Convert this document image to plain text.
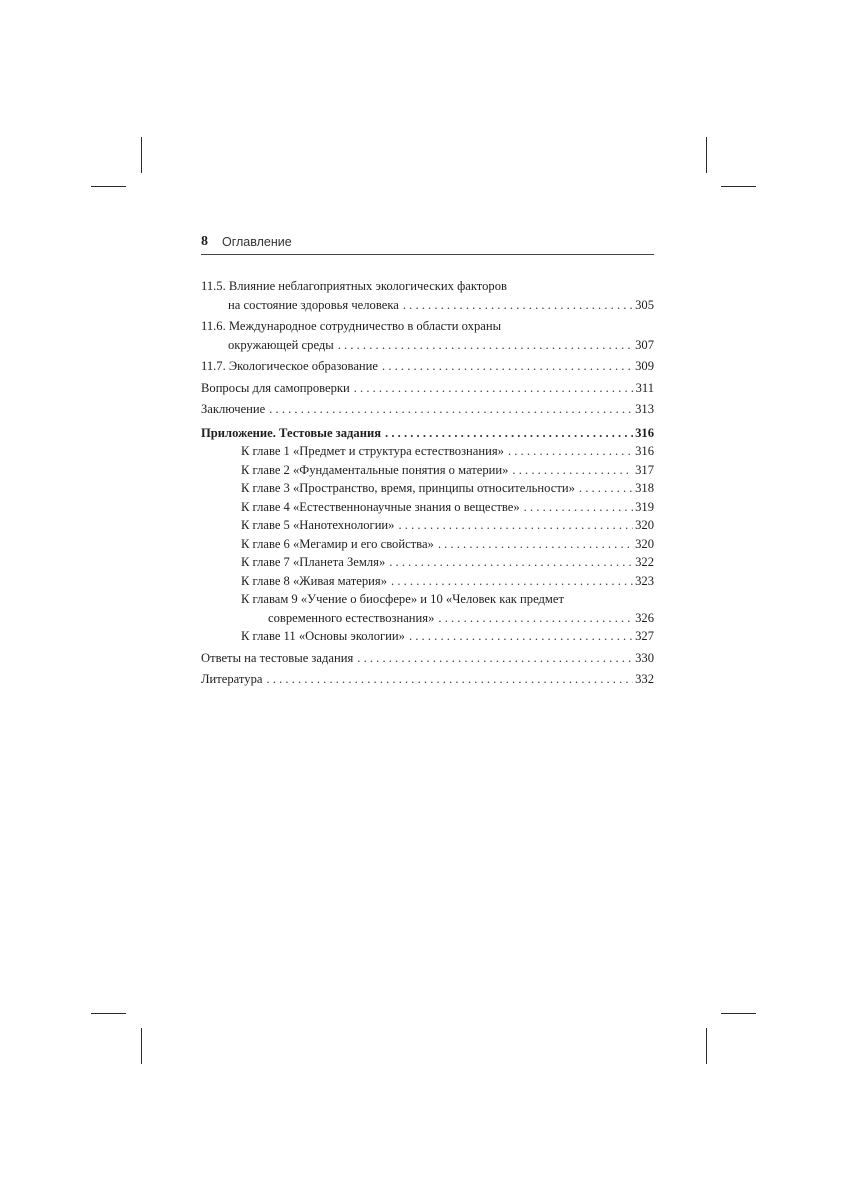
8 Оглавление
11.5. Влияние неблагоприятных экологических факторов
на состояние здоровья человека . . .	305
11.6. Международное сотрудничество в области охраны
окружающей среды . . .	307
11.7. Экологическое образование . . .	309
Вопросы для самопроверки . . .	311
Заключение . . .	313
Приложение. Тестовые задания . . .	316
К главе 1 «Предмет и структура естествознания» . . .	316
К главе 2 «Фундаментальные понятия о материи» . . .	317
К главе 3 «Пространство, время, принципы относительности» . . .	318
К главе 4 «Естественнонаучные знания о веществе» . . .	319
К главе 5 «Нанотехнологии» . . .	320
К главе 6 «Мегамир и его свойства» . . .	320
К главе 7 «Планета Земля» . . .	322
К главе 8 «Живая материя» . . .	323
К главам 9 «Учение о биосфере» и 10 «Человек как предмет
современного естествознания» . . .	326
К главе 11 «Основы экологии» . . .	327
Ответы на тестовые задания . . .	330
Литература . . .	332
